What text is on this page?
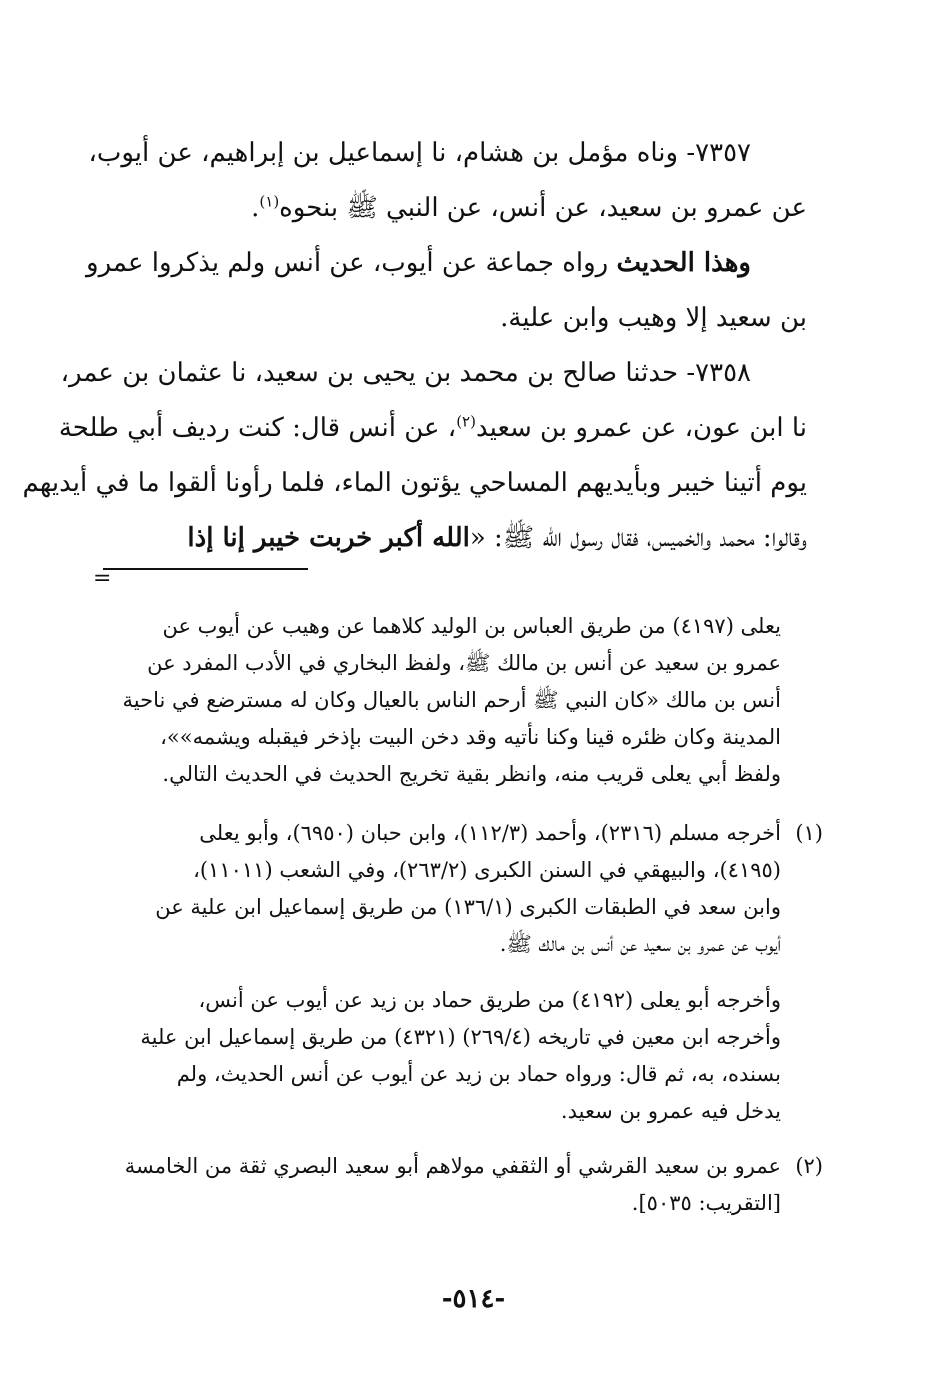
٧٣٥٧- وناه مؤمل بن هشام، نا إسماعيل بن إبراهيم، عن أيوب،
عن عمرو بن سعيد، عن أنس، عن النبي ﷺ بنحوه$^{(١)}$.
وهذا الحديث رواه جماعة عن أيوب، عن أنس ولم يذكروا عمرو
بن سعيد إلا وهيب وابن علية.
٧٣٥٨- حدثنا صالح بن محمد بن يحيى بن سعيد، نا عثمان بن عمر،
نا ابن عون، عن عمرو بن سعيد$^{(٢)}$، عن أنس قال: كنت رديف أبي طلحة
يوم أتينا خيبر وبأيديهم المساحي يؤتون الماء، فلما رأونا ألقوا ما في أيديهم
وقالوا: محمد والخميس، فقال رسول الله ﷺ: «الله أكبر خربت خيبر إنا إذا
=
يعلى (٤١٩٧) من طريق العباس بن الوليد كلاهما عن وهيب عن أيوب عن
عمرو بن سعيد عن أنس بن مالك ﷺ، ولفظ البخاري في الأدب المفرد عن
أنس بن مالك «كان النبي ﷺ أرحم الناس بالعيال وكان له مسترضع في ناحية
المدينة وكان ظئره قينا وكنا نأتيه وقد دخن البيت بإذخر فيقبله ويشمه»»،
ولفظ أبي يعلى قريب منه، وانظر بقية تخريج الحديث في الحديث التالي.
(١)
أخرجه مسلم (٢٣١٦)، وأحمد (١١٢/٣)، وابن حبان (٦٩٥٠)، وأبو يعلى
(٤١٩٥)، والبيهقي في السنن الكبرى (٢٦٣/٢)، وفي الشعب (١١٠١١)،
وابن سعد في الطبقات الكبرى (١٣٦/١) من طريق إسماعيل ابن علية عن
أيوب عن عمرو بن سعيد عن أنس بن مالك ﷺ.
وأخرجه أبو يعلى (٤١٩٢) من طريق حماد بن زيد عن أيوب عن أنس،
وأخرجه ابن معين في تاريخه (٢٦٩/٤) (٤٣٢١) من طريق إسماعيل ابن علية
بسنده، به، ثم قال: ورواه حماد بن زيد عن أيوب عن أنس الحديث، ولم
يدخل فيه عمرو بن سعيد.
(٢)
عمرو بن سعيد القرشي أو الثقفي مولاهم أبو سعيد البصري ثقة من الخامسة
[التقريب: ٥٠٣٥].
-٥١٤-
